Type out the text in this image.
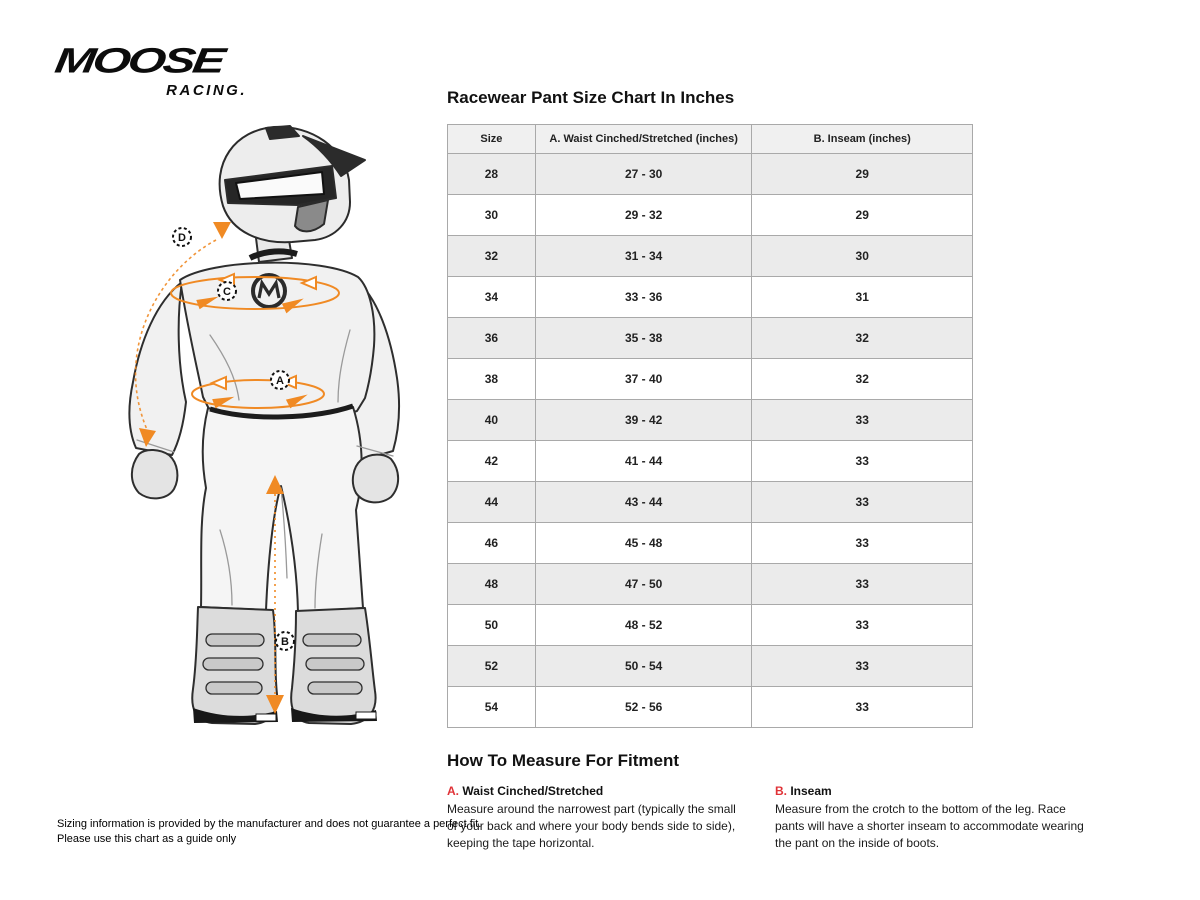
MOOSE
RACING.
D
C
A
B
Racewear Pant Size Chart In Inches
Size	A. Waist Cinched/Stretched (inches)	B. Inseam (inches)
28	27 - 30	29
30	29 - 32	29
32	31 - 34	30
34	33 - 36	31
36	35 - 38	32
38	37 - 40	32
40	39 - 42	33
42	41 - 44	33
44	43 - 44	33
46	45 - 48	33
48	47 - 50	33
50	48 - 52	33
52	50 - 54	33
54	52 - 56	33
How To Measure For Fitment
A. Waist Cinched/Stretched

Measure around the narrowest part (typically the small of your back and where your body bends side to side), keeping the tape horizontal.

B. Inseam

Measure from the crotch to the bottom of the leg. Race pants will have a shorter inseam to accommodate wearing the pant on the inside of boots.

Sizing information is provided by the manufacturer and does not guarantee a perfect fit.
Please use this chart as a guide only
